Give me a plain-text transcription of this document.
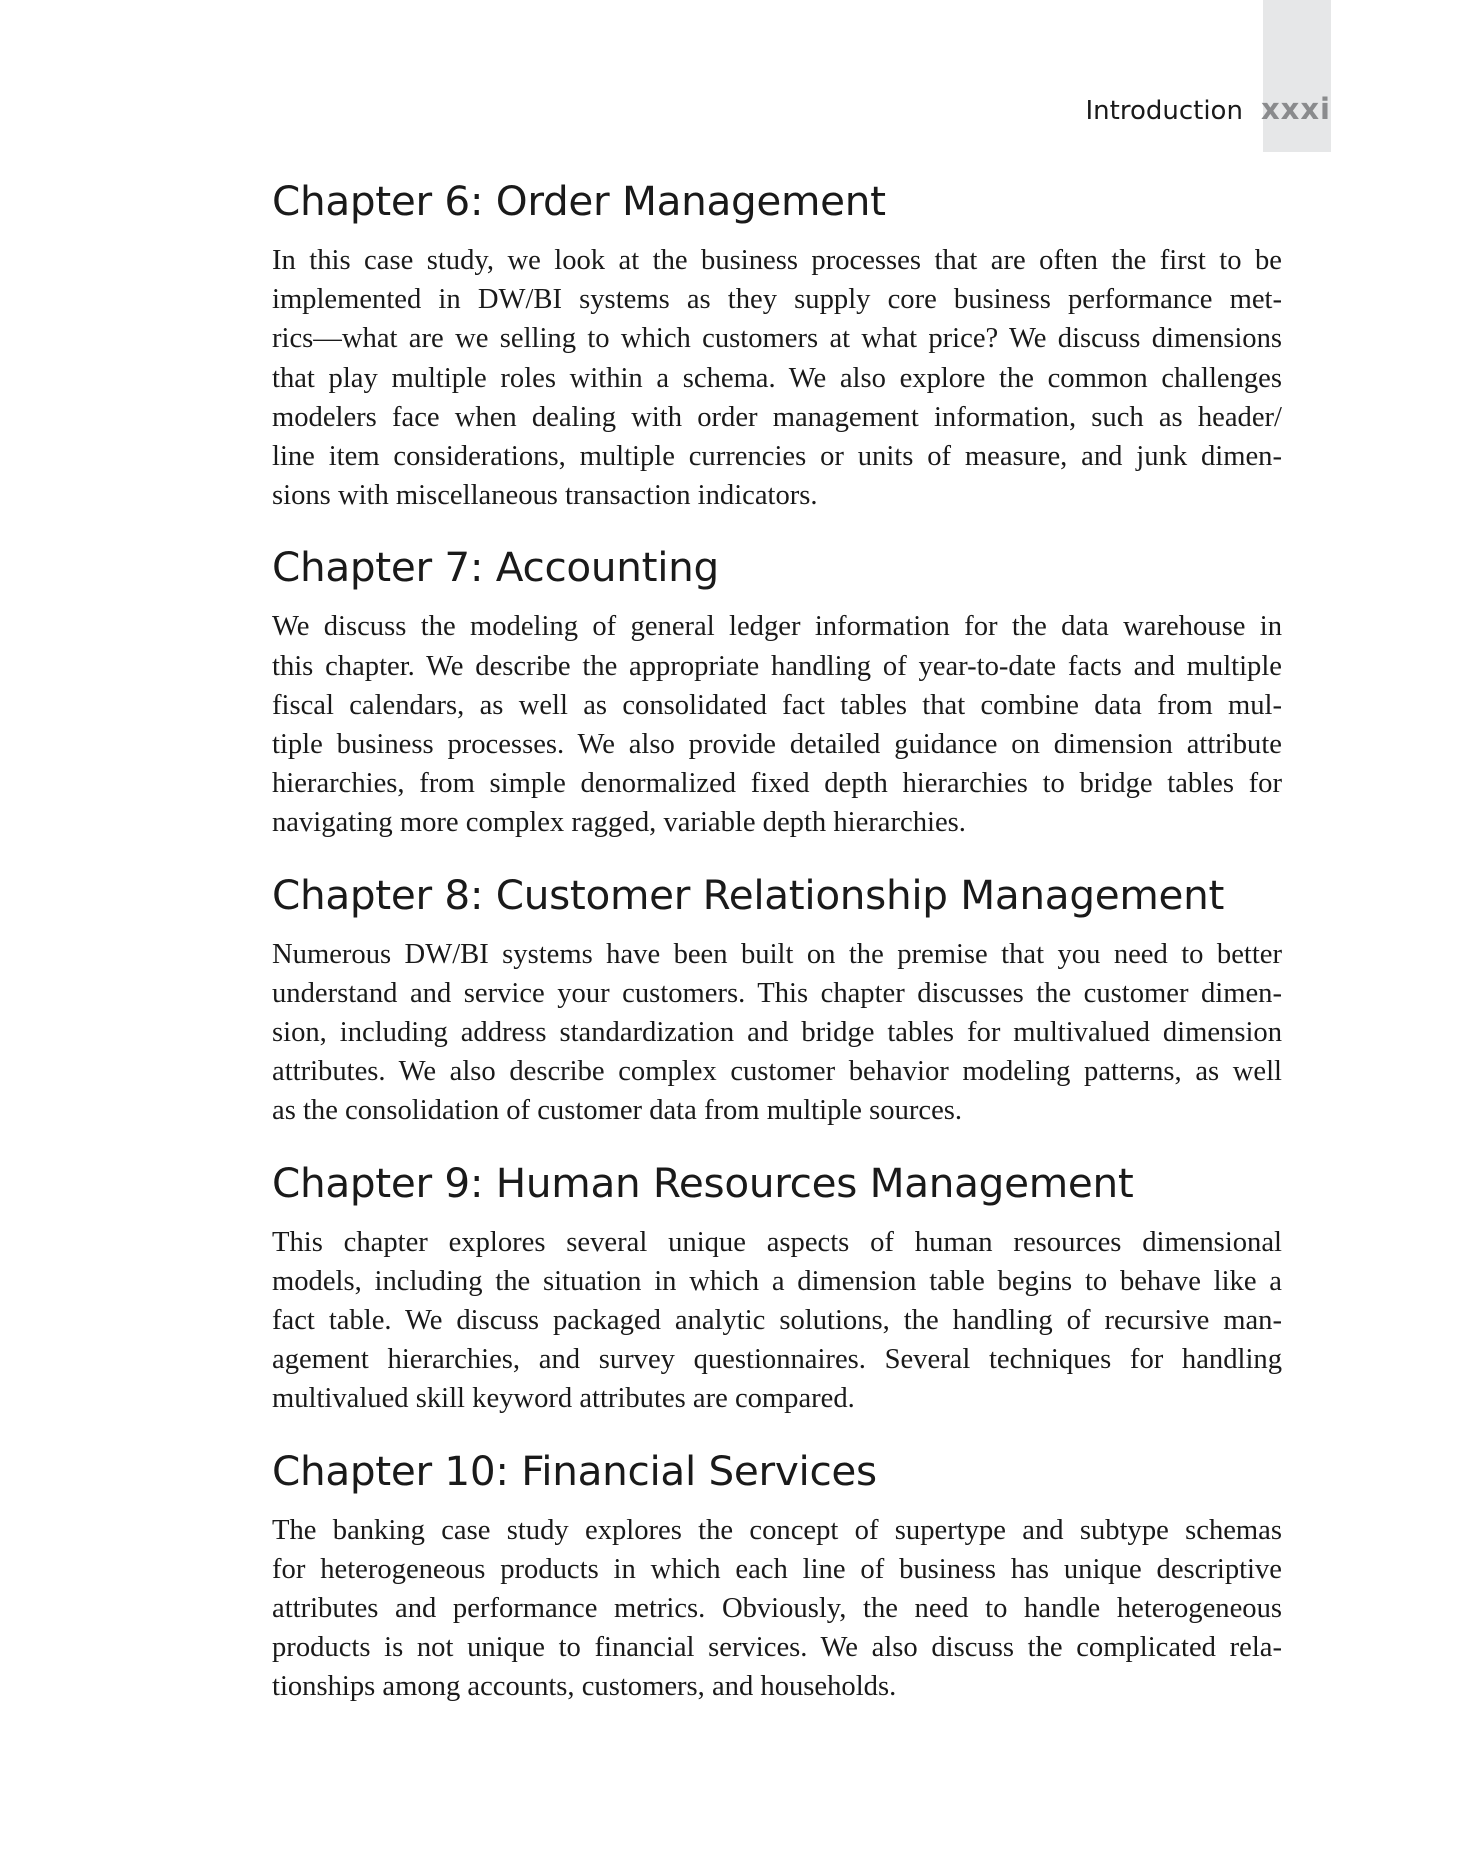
Introduction xxxi
Chapter 6: Order Management

In this case study, we look at the business processes that are often the first to be
implemented in DW/BI systems as they supply core business performance met-
rics—what are we selling to which customers at what price? We discuss dimensions
that play multiple roles within a schema. We also explore the common challenges
modelers face when dealing with order management information, such as header/
line item considerations, multiple currencies or units of measure, and junk dimen-
sions with miscellaneous transaction indicators.

Chapter 7: Accounting

We discuss the modeling of general ledger information for the data warehouse in
this chapter. We describe the appropriate handling of year-to-date facts and multiple
fiscal calendars, as well as consolidated fact tables that combine data from mul-
tiple business processes. We also provide detailed guidance on dimension attribute
hierarchies, from simple denormalized fixed depth hierarchies to bridge tables for
navigating more complex ragged, variable depth hierarchies.

Chapter 8: Customer Relationship Management

Numerous DW/BI systems have been built on the premise that you need to better
understand and service your customers. This chapter discusses the customer dimen-
sion, including address standardization and bridge tables for multivalued dimension
attributes. We also describe complex customer behavior modeling patterns, as well
as the consolidation of customer data from multiple sources.

Chapter 9: Human Resources Management

This chapter explores several unique aspects of human resources dimensional
models, including the situation in which a dimension table begins to behave like a
fact table. We discuss packaged analytic solutions, the handling of recursive man-
agement hierarchies, and survey questionnaires. Several techniques for handling
multivalued skill keyword attributes are compared.

Chapter 10: Financial Services

The banking case study explores the concept of supertype and subtype schemas
for heterogeneous products in which each line of business has unique descriptive
attributes and performance metrics. Obviously, the need to handle heterogeneous
products is not unique to financial services. We also discuss the complicated rela-
tionships among accounts, customers, and households.
